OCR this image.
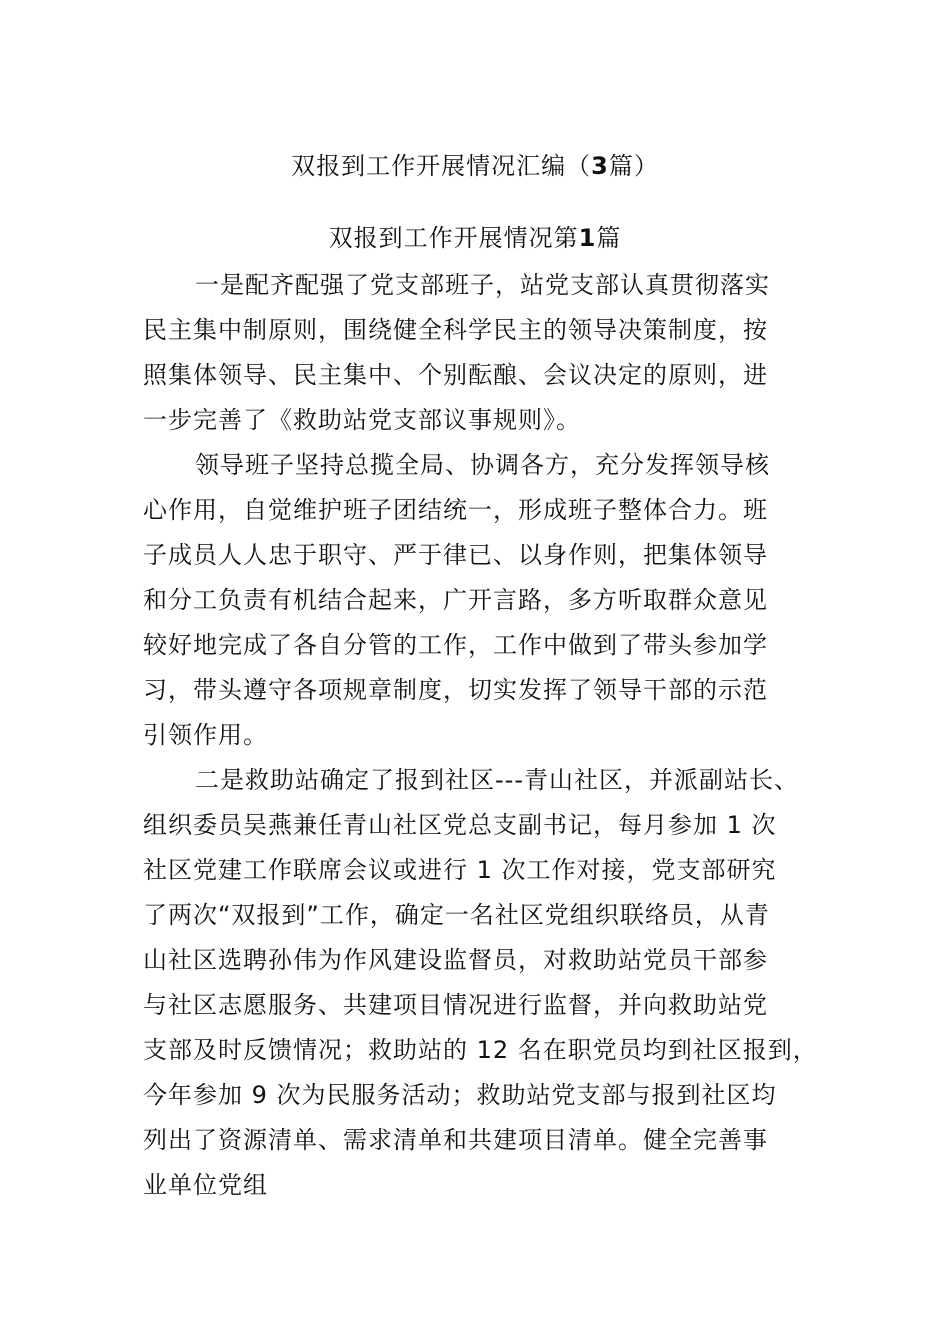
双报到工作开展情况汇编（3篇）
双报到工作开展情况第1篇
一是配齐配强了党支部班子，站党支部认真贯彻落实
民主集中制原则，围绕健全科学民主的领导决策制度，按
照集体领导、民主集中、个别酝酿、会议决定的原则，进
一步完善了《救助站党支部议事规则》。
领导班子坚持总揽全局、协调各方，充分发挥领导核
心作用，自觉维护班子团结统一，形成班子整体合力。班
子成员人人忠于职守、严于律已、以身作则，把集体领导
和分工负责有机结合起来，广开言路，多方听取群众意见
较好地完成了各自分管的工作，工作中做到了带头参加学
习，带头遵守各项规章制度，切实发挥了领导干部的示范
引领作用。
二是救助站确定了报到社区---青山社区，并派副站长、
组织委员吴燕兼任青山社区党总支副书记，每月参加 1 次
社区党建工作联席会议或进行 1 次工作对接，党支部研究
了两次“双报到”工作，确定一名社区党组织联络员，从青
山社区选聘孙伟为作风建设监督员，对救助站党员干部参
与社区志愿服务、共建项目情况进行监督，并向救助站党
支部及时反馈情况；救助站的 12 名在职党员均到社区报到，
今年参加 9 次为民服务活动；救助站党支部与报到社区均
列出了资源清单、需求清单和共建项目清单。健全完善事
业单位党组
